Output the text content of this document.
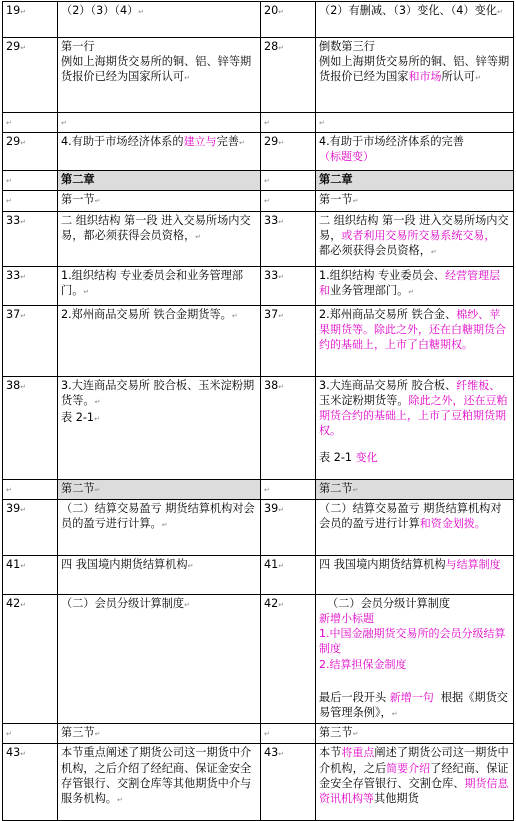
19↵	（2）（3）（4）↵	20↵	（2）有删减、（3）变化、（4）变化↵
29↵	第一行
例如上海期货交易所的铜、铝、锌等期货报价已经为国家所认可↵	28↵	倒数第三行
例如上海期货交易所的铜、铝、锌等期货报价已经为国家和市场所认可↵
↵	↵	↵	↵
29↵	4.有助于市场经济体系的建立与完善↵	29↵	4.有助于市场经济体系的完善
（标题变）
↵	第二章	↵	第二章
↵	第一节↵	↵	第一节↵
33↵	二 组织结构 第一段 进入交易所场内交易，都必须获得会员资格，↵	33↵	二 组织结构 第一段 进入交易所场内交易，或者利用交易所交易系统交易， 都必须获得会员资格，↵
33↵	1.组织结构 专业委员会和业务管理部门。↵	33↵	1.组织结构 专业委员会、经营管理层和业务管理部门。↵
37↵	2.郑州商品交易所 铁合金期货等。↵	37↵	2.郑州商品交易所 铁合金、棉纱、苹果期货等。除此之外，还在白糖期货合约的基础上，上市了白糖期权。
38↵	3.大连商品交易所 胶合板、玉米淀粉期货等。↵
表 2-1↵	38↵	3.大连商品交易所 胶合板、纤维板、 玉米淀粉期货等。除此之外，还在豆粕期货合约的基础上，上市了豆粕期货期权。
表 2-1 变化
↵	第二节↵	↵	第二节↵
39↵	（二）结算交易盈亏 期货结算机构对会员的盈亏进行计算。↵	39↵	（二）结算交易盈亏 期货结算机构对会员的盈亏进行计算和资金划拨。
41↵	四 我国境内期货结算机构↵	41↵	四 我国境内期货结算机构与结算制度
42↵	（二）会员分级计算制度↵	42↵	（二）会员分级计算制度
新增小标题
1.中国金融期货交易所的会员分级结算制度
2.结算担保金制度
最后一段开头 新增一句 根据《期货交易管理条例》，↵
↵	第三节↵	↵	第三节↵
43↵	本节重点阐述了期货公司这一期货中介机构，之后介绍了经纪商、保证金安全存管银行、交割仓库等其他期货中介与服务机构。↵	43↵	本节将重点阐述了期货公司这一期货中介机构，之后简要介绍了经纪商、保证金安全存管银行、交割仓库、期货信息资讯机构等其他期货
